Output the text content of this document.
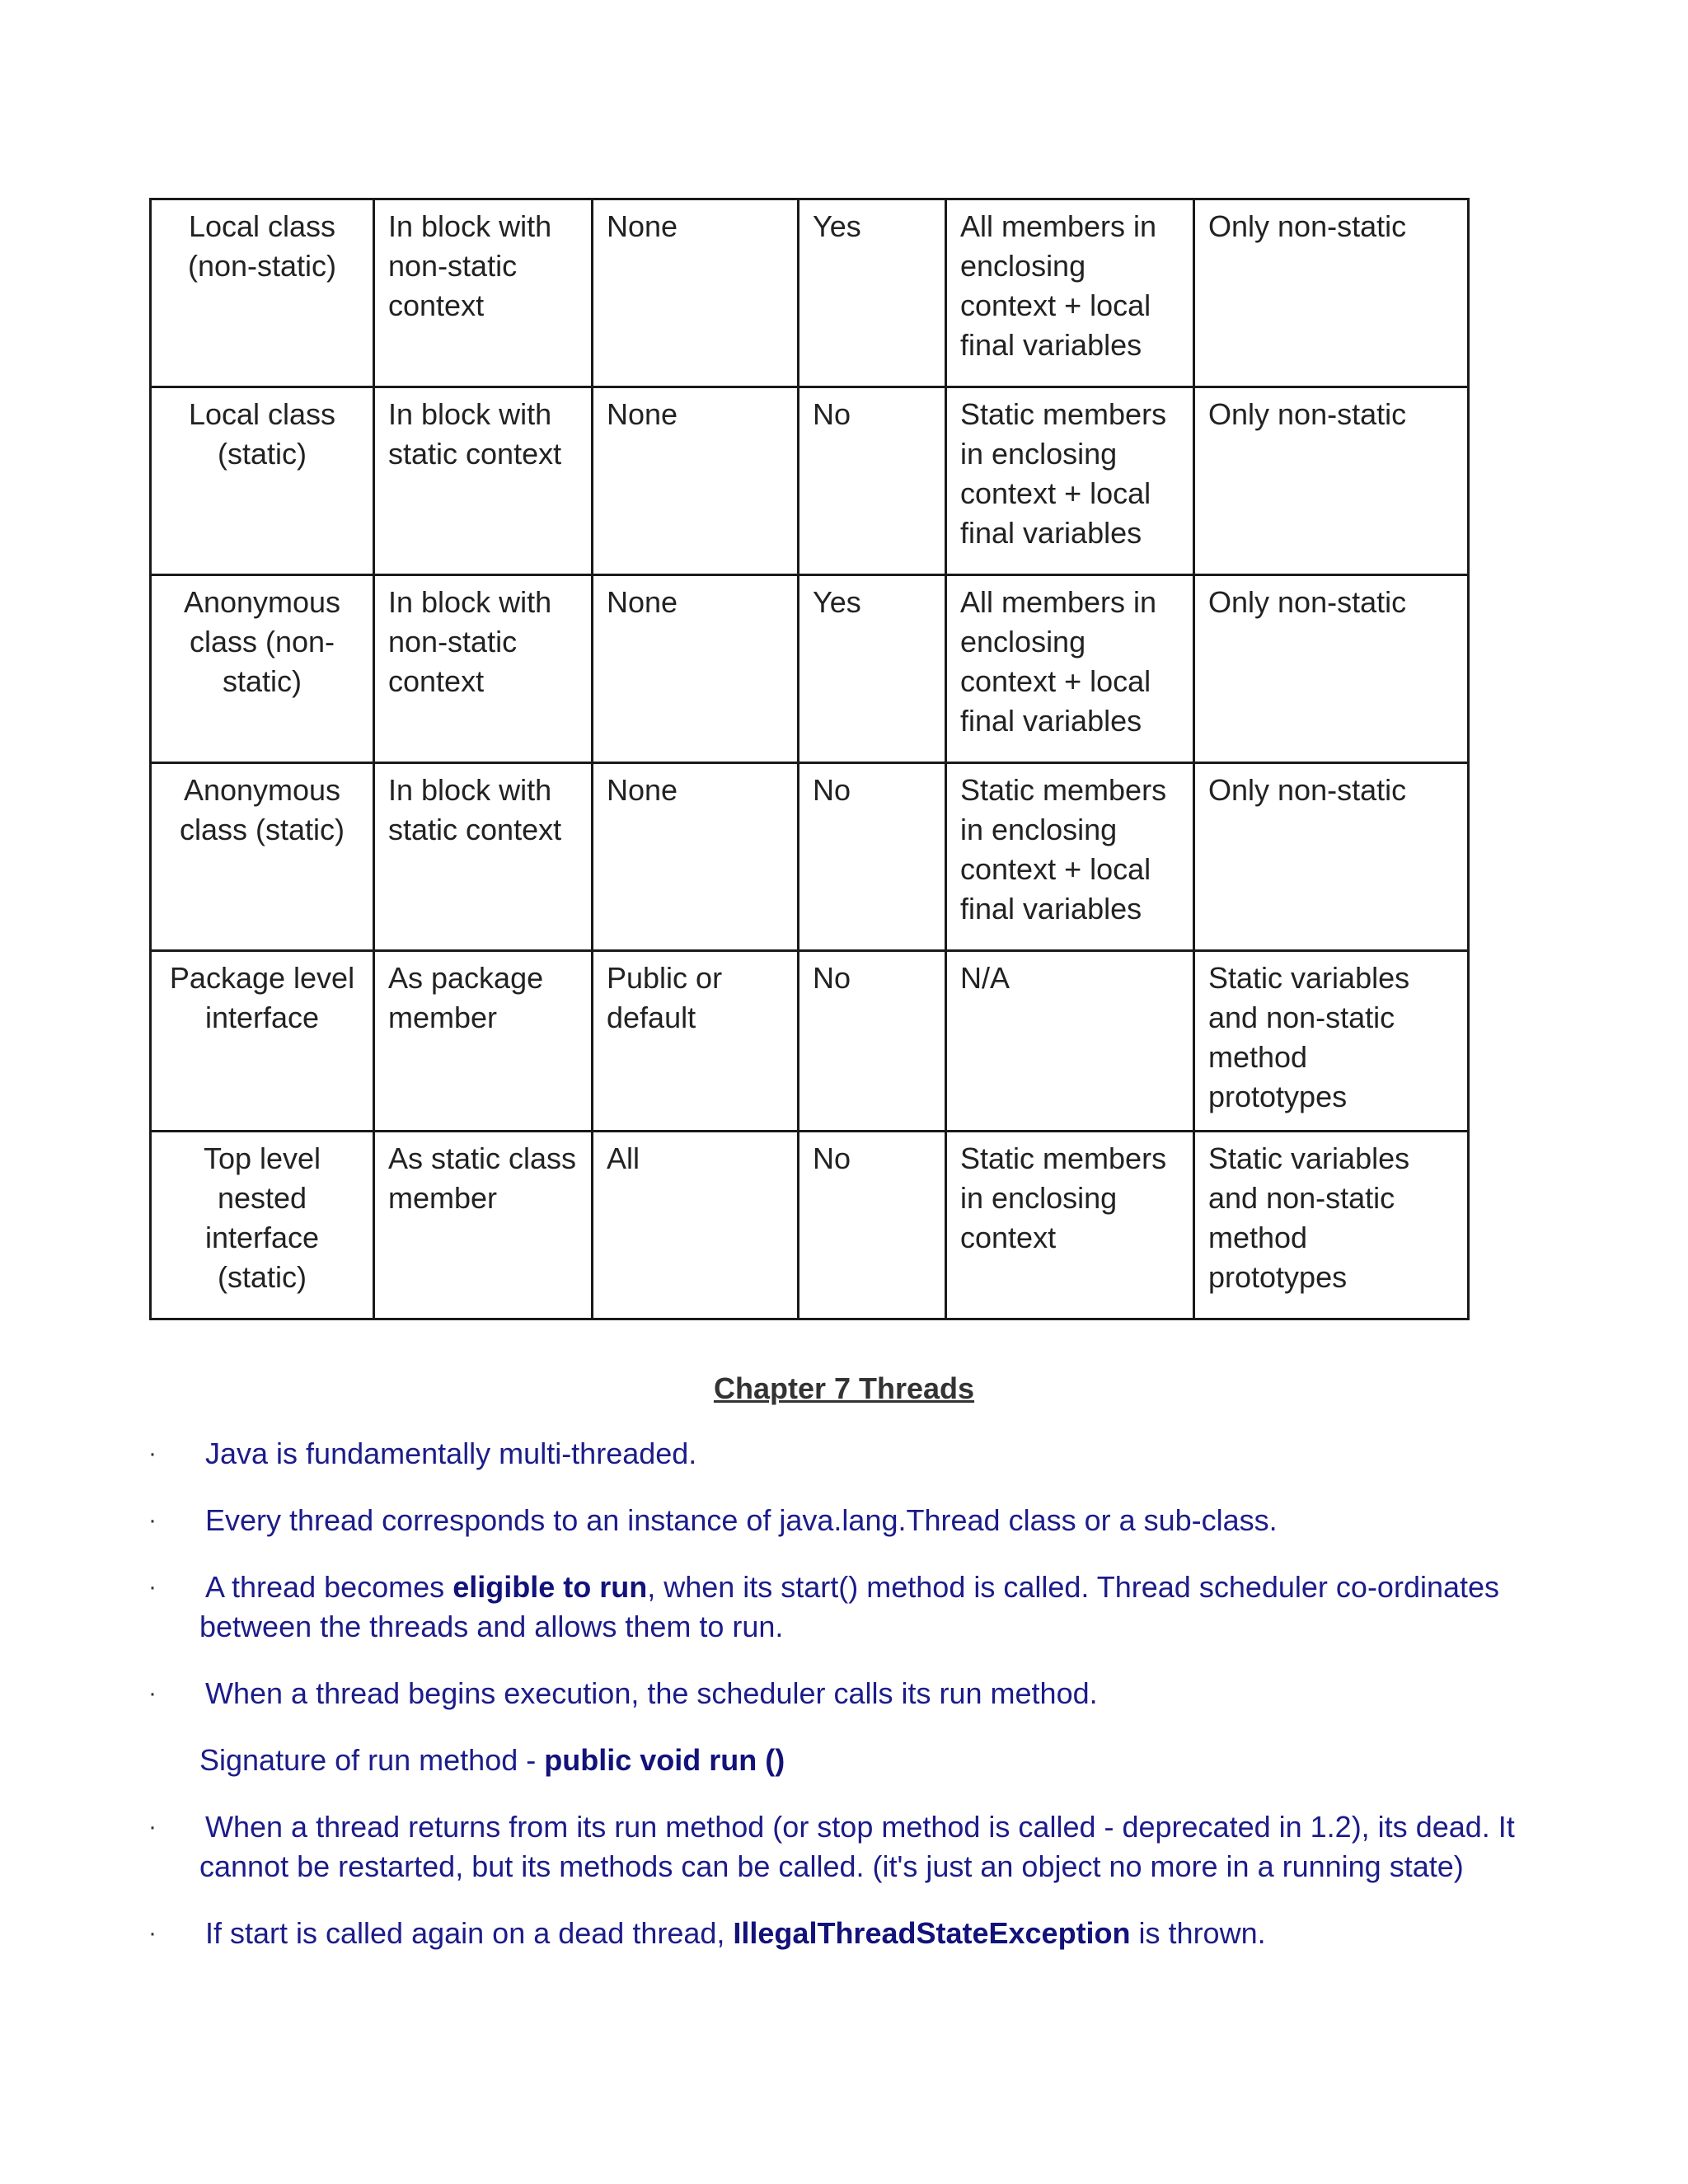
Local class (non-static)	In block with non-static context	None	Yes	All members in enclosing context + local final variables	Only non-static
Local class (static)	In block with static context	None	No	Static members in enclosing context + local final variables	Only non-static
Anonymous class (non-static)	In block with non-static context	None	Yes	All members in enclosing context + local final variables	Only non-static
Anonymous class (static)	In block with static context	None	No	Static members in enclosing context + local final variables	Only non-static
Package level interface	As package member	Public or default	No	N/A	Static variables and non-static method prototypes
Top level nested interface (static)	As static class member	All	No	Static members in enclosing context	Static variables and non-static method prototypes
Chapter 7 Threads
· Java is fundamentally multi-threaded.
· Every thread corresponds to an instance of java.lang.Thread class or a sub-class.
· A thread becomes eligible to run, when its start() method is called. Thread scheduler co-ordinates between the threads and allows them to run.
· When a thread begins execution, the scheduler calls its run method.
Signature of run method - public void run ()
· When a thread returns from its run method (or stop method is called - deprecated in 1.2), its dead. It cannot be restarted, but its methods can be called. (it's just an object no more in a running state)
· If start is called again on a dead thread, IllegalThreadStateException is thrown.
